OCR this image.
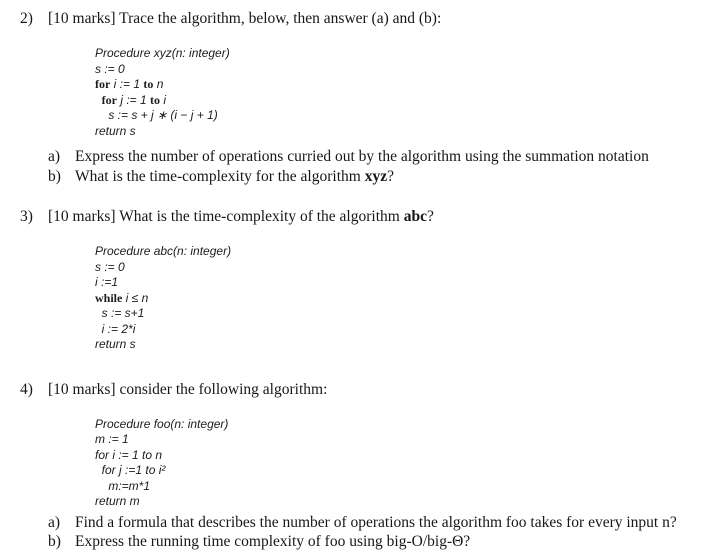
2) [10 marks] Trace the algorithm, below, then answer (a) and (b):
Procedure xyz(n: integer)
s := 0
for i := 1 to n
for j := 1 to i
s := s + j ∗ (i − j + 1)
return s
a) Express the number of operations curried out by the algorithm using the summation notation
b) What is the time-complexity for the algorithm xyz?
3) [10 marks] What is the time-complexity of the algorithm abc?
Procedure abc(n: integer)
s := 0
i :=1
while i ≤ n
s := s+1
i := 2*i
return s
4) [10 marks] consider the following algorithm:
Procedure foo(n: integer)
m := 1
for i := 1 to n
for j :=1 to i²
m:=m*1
return m
a) Find a formula that describes the number of operations the algorithm foo takes for every input n?
b) Express the running time complexity of foo using big-O/big-Θ?
